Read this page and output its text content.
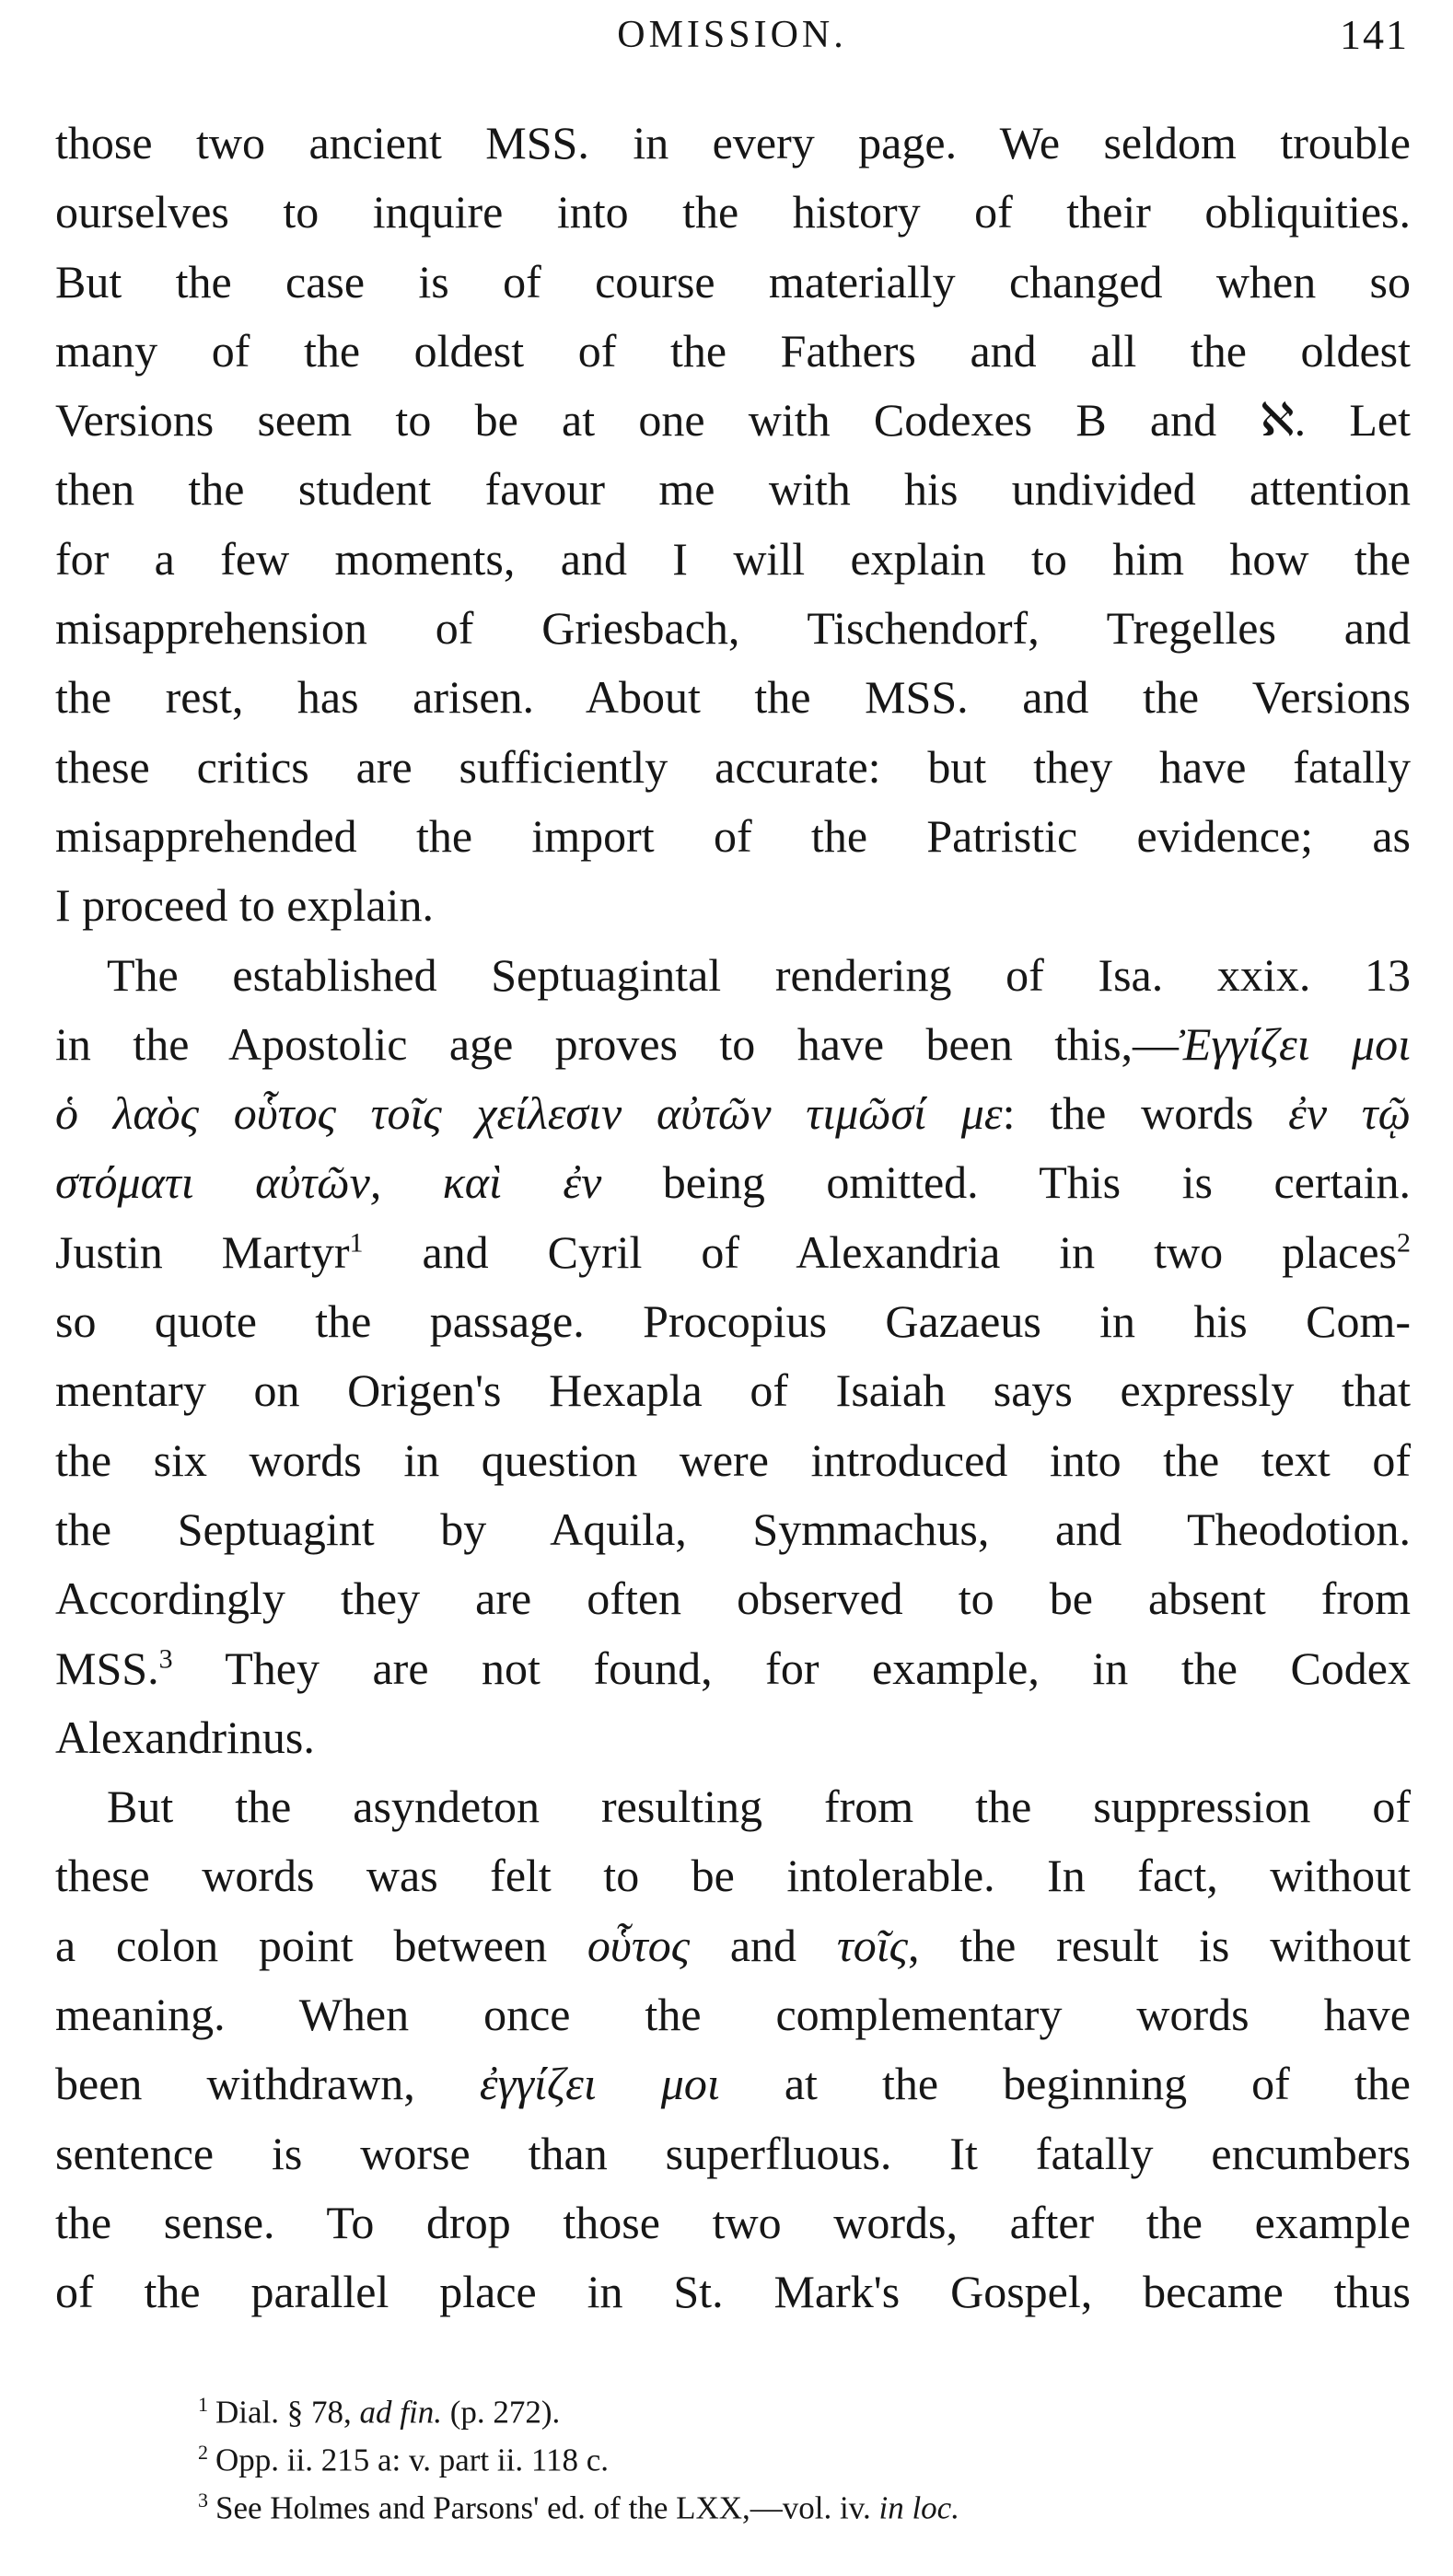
OMISSION.	141
those two ancient MSS. in every page. We seldom trouble
ourselves to inquire into the history of their obliquities.
But the case is of course materially changed when so
many of the oldest of the Fathers and all the oldest
Versions seem to be at one with Codexes B and ℵ. Let
then the student favour me with his undivided attention
for a few moments, and I will explain to him how the
misapprehension of Griesbach, Tischendorf, Tregelles and
the rest, has arisen. About the MSS. and the Versions
these critics are sufficiently accurate: but they have fatally
misapprehended the import of the Patristic evidence; as
I proceed to explain.
The established Septuagintal rendering of Isa. xxix. 13
in the Apostolic age proves to have been this,—Ἐγγίζει μοι
ὁ λαὸς οὗτος τοῖς χείλεσιν αὐτῶν τιμῶσί με: the words ἐν τῷ
στόματι αὐτῶν, καὶ ἐν being omitted. This is certain.
Justin Martyr$^1$ and Cyril of Alexandria in two places$^2$
so quote the passage. Procopius Gazaeus in his Com-
mentary on Origen's Hexapla of Isaiah says expressly that
the six words in question were introduced into the text of
the Septuagint by Aquila, Symmachus, and Theodotion.
Accordingly they are often observed to be absent from
MSS.$^3$ They are not found, for example, in the Codex
Alexandrinus.
But the asyndeton resulting from the suppression of
these words was felt to be intolerable. In fact, without
a colon point between οὗτος and τοῖς, the result is without
meaning. When once the complementary words have
been withdrawn, ἐγγίζει μοι at the beginning of the
sentence is worse than superfluous. It fatally encumbers
the sense. To drop those two words, after the example
of the parallel place in St. Mark's Gospel, became thus
$^1$ Dial. § 78, ad fin. (p. 272).
$^2$ Opp. ii. 215 a: v. part ii. 118 c.
$^3$ See Holmes and Parsons' ed. of the LXX,—vol. iv. in loc.
